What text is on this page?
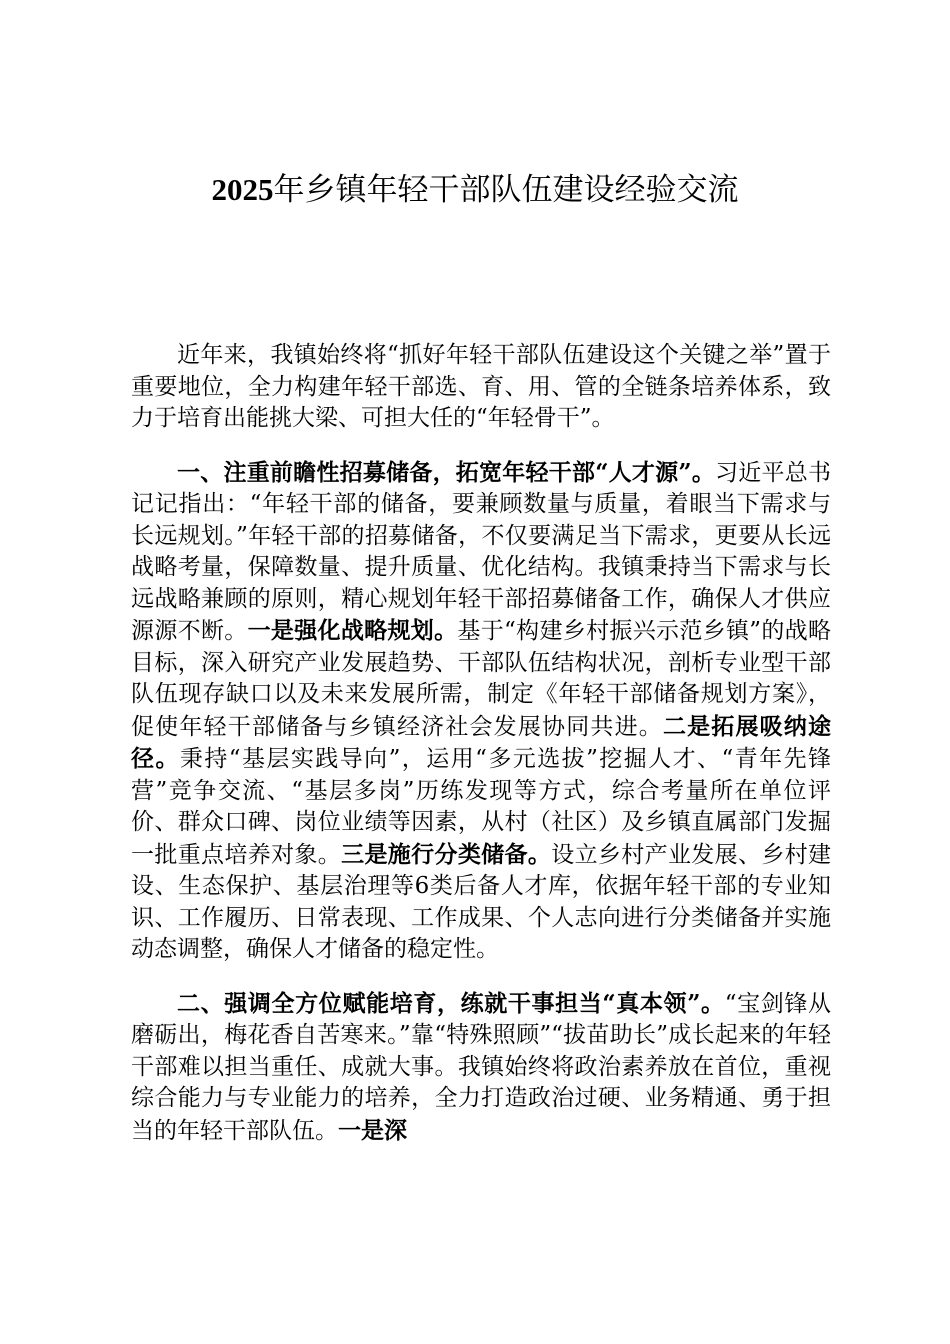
2025年乡镇年轻干部队伍建设经验交流

近年来，我镇始终将“抓好年轻干部队伍建设这个关键之举”置于重要地位，全力构建年轻干部选、育、用、管的全链条培养体系，致力于培育出能挑大梁、可担大任的“年轻骨干”。

一、注重前瞻性招募储备，拓宽年轻干部“人才源”。习近平总书记记指出：“年轻干部的储备，要兼顾数量与质量，着眼当下需求与长远规划。”年轻干部的招募储备，不仅要满足当下需求，更要从长远战略考量，保障数量、提升质量、优化结构。我镇秉持当下需求与长远战略兼顾的原则，精心规划年轻干部招募储备工作，确保人才供应源源不断。一是强化战略规划。基于“构建乡村振兴示范乡镇”的战略目标，深入研究产业发展趋势、干部队伍结构状况，剖析专业型干部队伍现存缺口以及未来发展所需，制定《年轻干部储备规划方案》，促使年轻干部储备与乡镇经济社会发展协同共进。二是拓展吸纳途径。秉持“基层实践导向”，运用“多元选拔”挖掘人才、“青年先锋营”竞争交流、“基层多岗”历练发现等方式，综合考量所在单位评价、群众口碑、岗位业绩等因素，从村（社区）及乡镇直属部门发掘一批重点培养对象。三是施行分类储备。设立乡村产业发展、乡村建设、生态保护、基层治理等6类后备人才库，依据年轻干部的专业知识、工作履历、日常表现、工作成果、个人志向进行分类储备并实施动态调整，确保人才储备的稳定性。

二、强调全方位赋能培育，练就干事担当“真本领”。“宝剑锋从磨砺出，梅花香自苦寒来。”靠“特殊照顾”“拔苗助长”成长起来的年轻干部难以担当重任、成就大事。我镇始终将政治素养放在首位，重视综合能力与专业能力的培养，全力打造政治过硬、业务精通、勇于担当的年轻干部队伍。一是深
